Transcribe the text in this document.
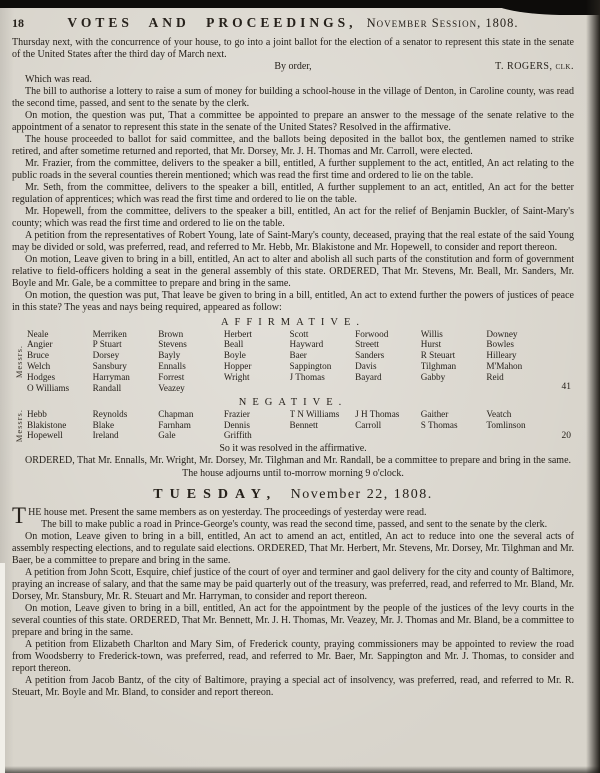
18	VOTES AND PROCEEDINGS, November Session, 1808.

Thursday next, with the concurrence of your house, to go into a joint ballot for the election of a senator to represent this state in the senate of the United States after the third day of March next.

By order,	T. ROGERS, clk.

Which was read.

The bill to authorise a lottery to raise a sum of money for building a school-house in the village of Denton, in Caroline county, was read the second time, passed, and sent to the senate by the clerk.

On motion, the question was put, That a committee be appointed to prepare an answer to the message of the senate relative to the appointment of a senator to represent this state in the senate of the United States? Resolved in the affirmative.

The house proceeded to ballot for said committee, and the ballots being deposited in the ballot box, the gentlemen named to strike retired, and after sometime returned and reported, that Mr. Dorsey, Mr. J. H. Thomas and Mr. Carroll, were elected.

Mr. Frazier, from the committee, delivers to the speaker a bill, entitled, A further supplement to the act, entitled, An act relating to the public roads in the several counties therein mentioned; which was read the first time and ordered to lie on the table.

Mr. Seth, from the committee, delivers to the speaker a bill, entitled, A further supplement to an act, entitled, An act for the better regulation of apprentices; which was read the first time and ordered to lie on the table.

Mr. Hopewell, from the committee, delivers to the speaker a bill, entitled, An act for the relief of Benjamin Buckler, of Saint-Mary's county; which was read the first time and ordered to lie on the table.

A petition from the representatives of Robert Young, late of Saint-Mary's county, deceased, praying that the real estate of the said Young may be divided or sold, was preferred, read, and referred to Mr. Hebb, Mr. Blakistone and Mr. Hopewell, to consider and report thereon.

On motion, Leave given to bring in a bill, entitled, An act to alter and abolish all such parts of the constitution and form of government relative to field-officers holding a seat in the general assembly of this state. ORDERED, That Mr. Stevens, Mr. Beall, Mr. Sanders, Mr. Boyle and Mr. Gale, be a committee to prepare and bring in the same.

On motion, the question was put, That leave be given to bring in a bill, entitled, An act to extend further the powers of justices of peace in this state? The yeas and nays being required, appeared as follow:

AFFIRMATIVE.
Messrs.
Neale
Angier
Bruce
Welch
Hodges
O Williams
Merriken
P Stuart
Dorsey
Sansbury
Harryman
Randall
Brown
Stevens
Bayly
Ennalls
Forrest
Veazey
Herbert
Beall
Boyle
Hopper
Wright
Scott
Hayward
Baer
Sappington
J Thomas
Forwood
Streett
Sanders
Davis
Bayard
Willis
Hurst
R Steuart
Tilghman
Gabby
Downey
Bowles
Hilleary
M'Mahon
Reid
41
NEGATIVE.
Messrs. Hebb
Blakistone
Hopewell
Reynolds
Blake
Ireland
Chapman
Farnham
Gale
Frazier
Dennis
Griffith
T N Williams
Bennett
J H Thomas
Carroll
Gaither
S Thomas
Veatch
Tomlinson
20

So it was resolved in the affirmative.

ORDERED, That Mr. Ennalls, Mr. Wright, Mr. Dorsey, Mr. Tilghman and Mr. Randall, be a committee to prepare and bring in the same.

The house adjourns until to-morrow morning 9 o'clock.

TUESDAY, November 22, 1808.

THE house met. Present the same members as on yesterday. The proceedings of yesterday were read.

The bill to make public a road in Prince-George's county, was read the second time, passed, and sent to the senate by the clerk.

On motion, Leave given to bring in a bill, entitled, An act to amend an act, entitled, An act to reduce into one the several acts of assembly respecting elections, and to regulate said elections. ORDERED, That Mr. Herbert, Mr. Stevens, Mr. Dorsey, Mr. Tilghman and Mr. Baer, be a committee to prepare and bring in the same.

A petition from John Scott, Esquire, chief justice of the court of oyer and terminer and gaol delivery for the city and county of Baltimore, praying an increase of salary, and that the same may be paid quarterly out of the treasury, was preferred, read, and referred to Mr. Bland, Mr. Dorsey, Mr. Stansbury, Mr. R. Steuart and Mr. Harryman, to consider and report thereon.

On motion, Leave given to bring in a bill, entitled, An act for the appointment by the people of the justices of the levy courts in the several counties of this state. ORDERED, That Mr. Bennett, Mr. J. H. Thomas, Mr. Veazey, Mr. J. Thomas and Mr. Bland, be a committee to prepare and bring in the same.

A petition from Elizabeth Charlton and Mary Sim, of Frederick county, praying commissioners may be appointed to review the road from Woodsberry to Frederick-town, was preferred, read, and referred to Mr. Baer, Mr. Sappington and Mr. J. Thomas, to consider and report thereon.

A petition from Jacob Bantz, of the city of Baltimore, praying a special act of insolvency, was preferred, read, and referred to Mr. R. Steuart, Mr. Boyle and Mr. Bland, to consider and report thereon.
